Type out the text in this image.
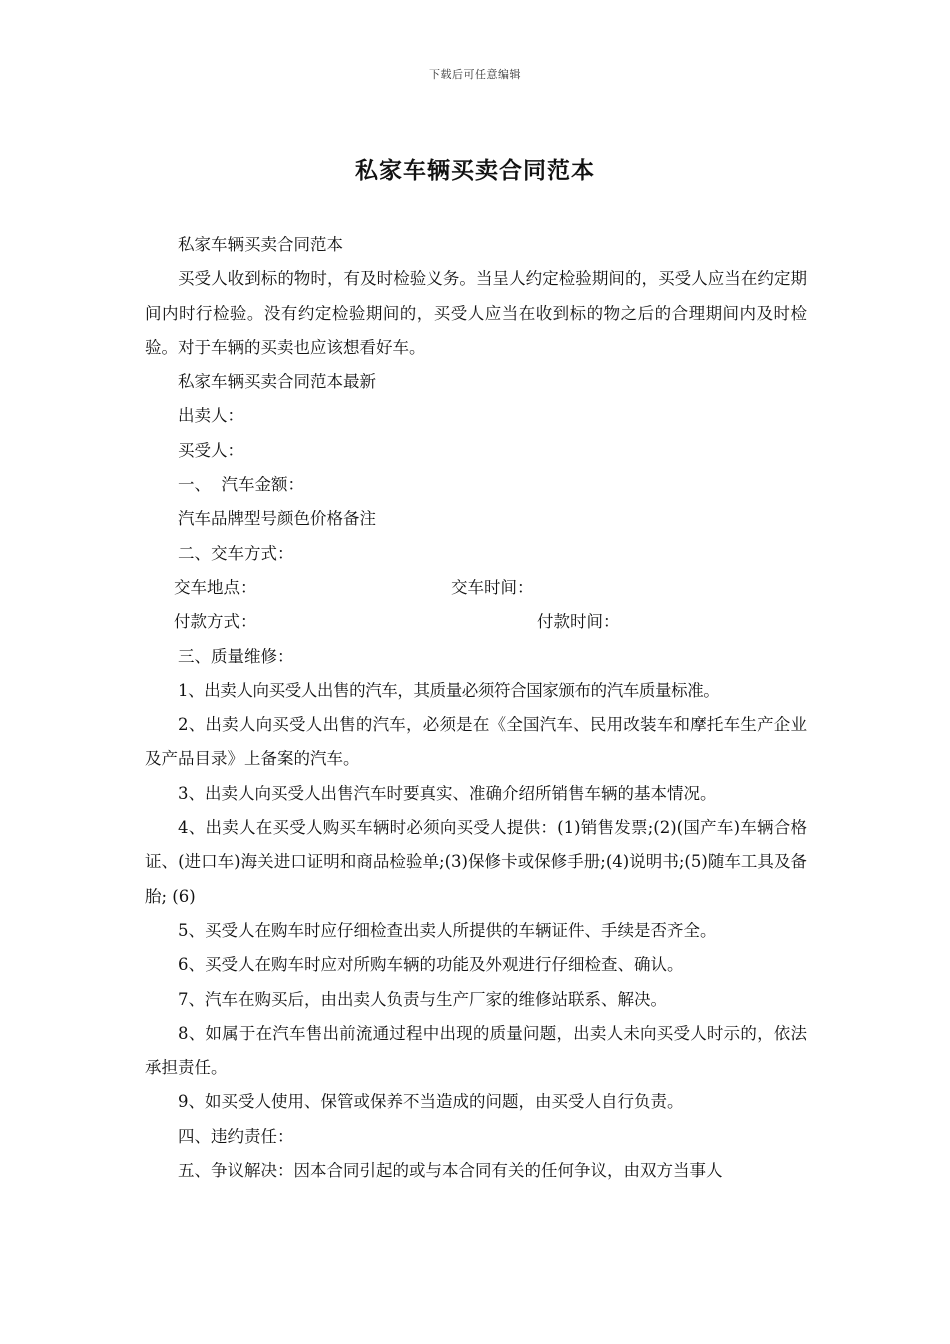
下载后可任意编辑
私家车辆买卖合同范本

私家车辆买卖合同范本

买受人收到标的物时，有及时检验义务。当呈人约定检验期间的，买受人应当在约定期间内时行检验。没有约定检验期间的，买受人应当在收到标的物之后的合理期间内及时检验。对于车辆的买卖也应该想看好车。

私家车辆买卖合同范本最新

出卖人：

买受人：

一、  汽车金额：

汽车品牌型号颜色价格备注

二、交车方式：

交车地点：	交车时间：
付款方式：	付款时间：

三、质量维修：

1、出卖人向买受人出售的汽车，其质量必须符合国家颁布的汽车质量标准。

2、出卖人向买受人出售的汽车，必须是在《全国汽车、民用改装车和摩托车生产企业及产品目录》上备案的汽车。

3、出卖人向买受人出售汽车时要真实、准确介绍所销售车辆的基本情况。

4、出卖人在买受人购买车辆时必须向买受人提供：(1)销售发票;(2)(国产车)车辆合格证、(进口车)海关进口证明和商品检验单;(3)保修卡或保修手册;(4)说明书;(5)随车工具及备胎; (6)

5、买受人在购车时应仔细检查出卖人所提供的车辆证件、手续是否齐全。

6、买受人在购车时应对所购车辆的功能及外观进行仔细检查、确认。

7、汽车在购买后，由出卖人负责与生产厂家的维修站联系、解决。

8、如属于在汽车售出前流通过程中出现的质量问题，出卖人未向买受人时示的，依法承担责任。

9、如买受人使用、保管或保养不当造成的问题，由买受人自行负责。

四、违约责任：

五、争议解决：因本合同引起的或与本合同有关的任何争议，由双方当事人
